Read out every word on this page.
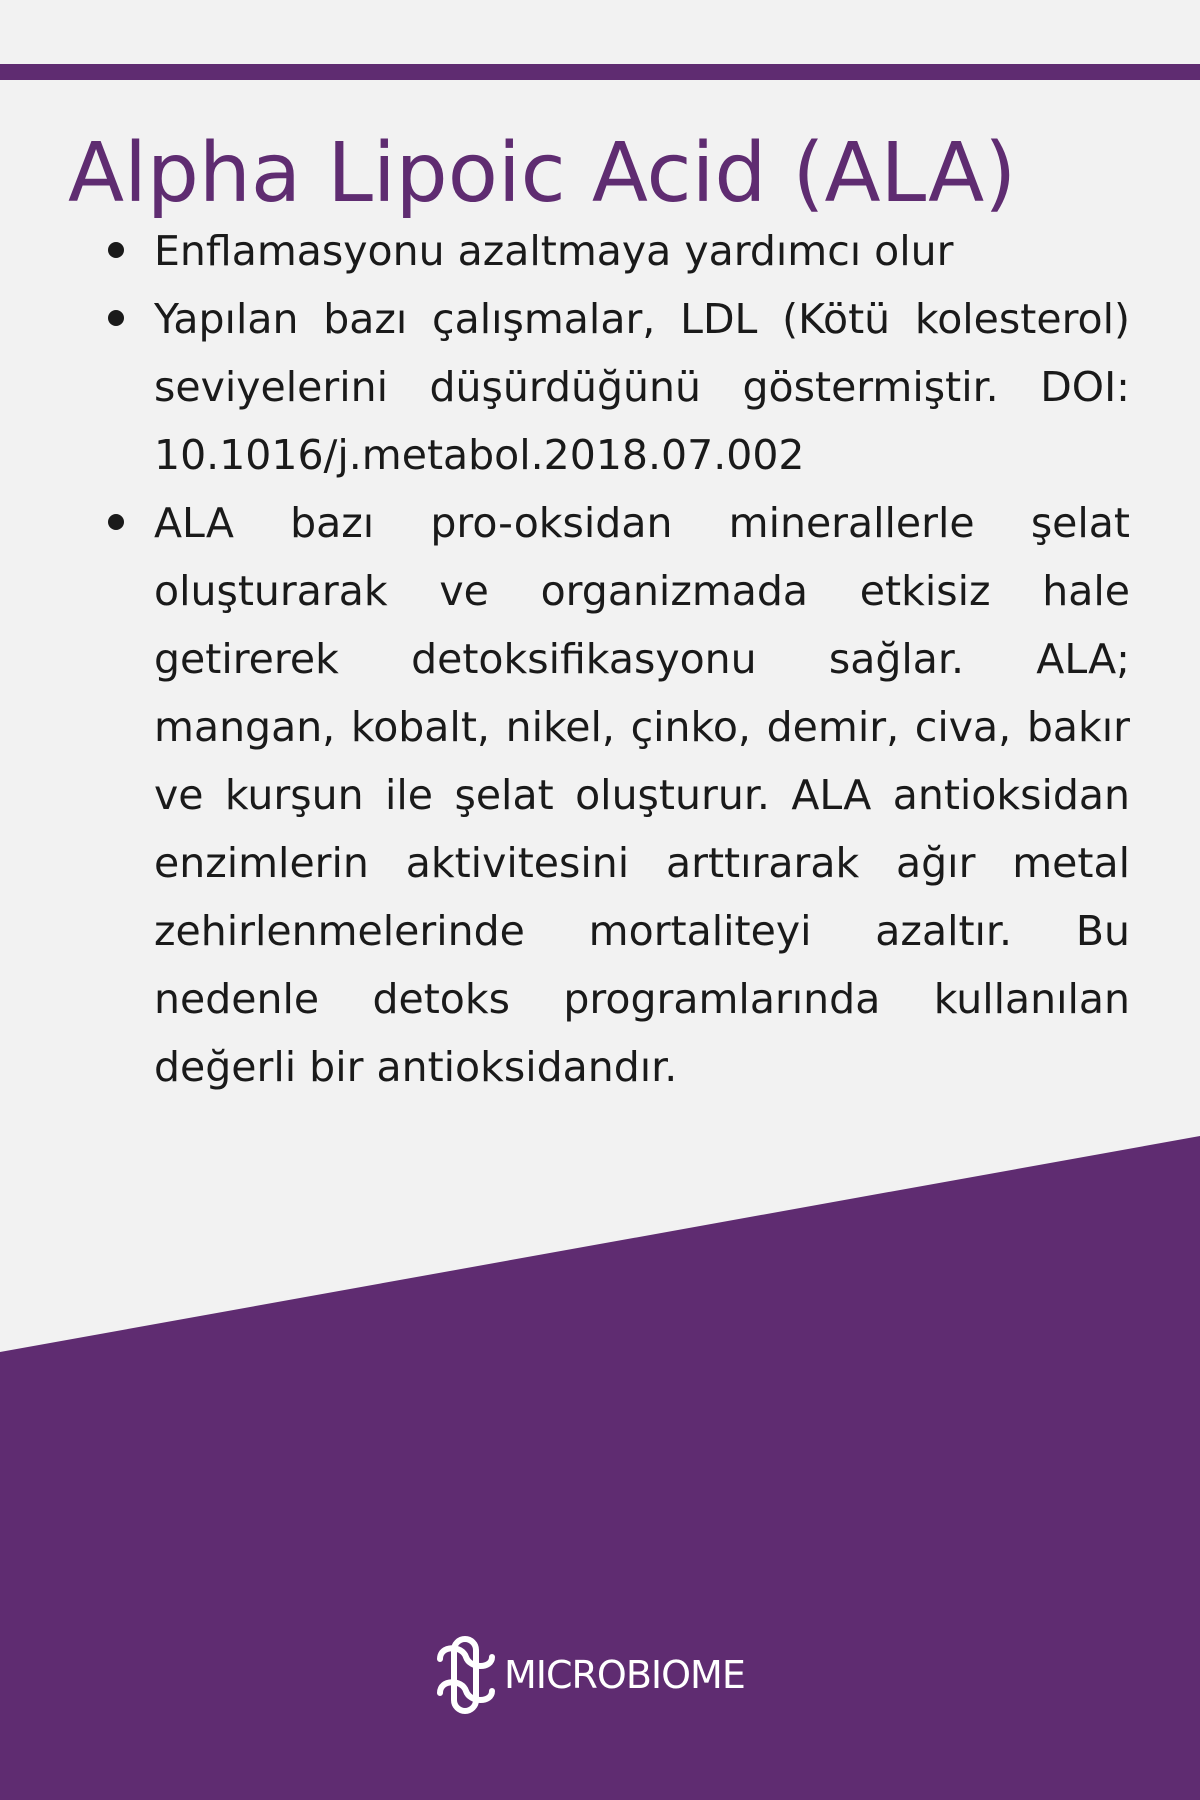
Alpha Lipoic Acid (ALA)
Enflamasyonu azaltmaya yardımcı olur
Yapılan bazı çalışmalar, LDL (Kötü kolesterol) seviyelerini düşürdüğünü göstermiştir. DOI: 10.1016/j.metabol.2018.07.002
ALA bazı pro-oksidan minerallerle şelat oluşturarak ve organizmada etkisiz hale getirerek detoksifikasyonu sağlar. ALA; mangan, kobalt, nikel, çinko, demir, civa, bakır ve kurşun ile şelat oluşturur. ALA antioksidan enzimlerin aktivitesini arttırarak ağır metal zehirlenmelerinde mortaliteyi azaltır. Bu nedenle detoks programlarında kullanılan değerli bir antioksidandır.
MICROBIOME
